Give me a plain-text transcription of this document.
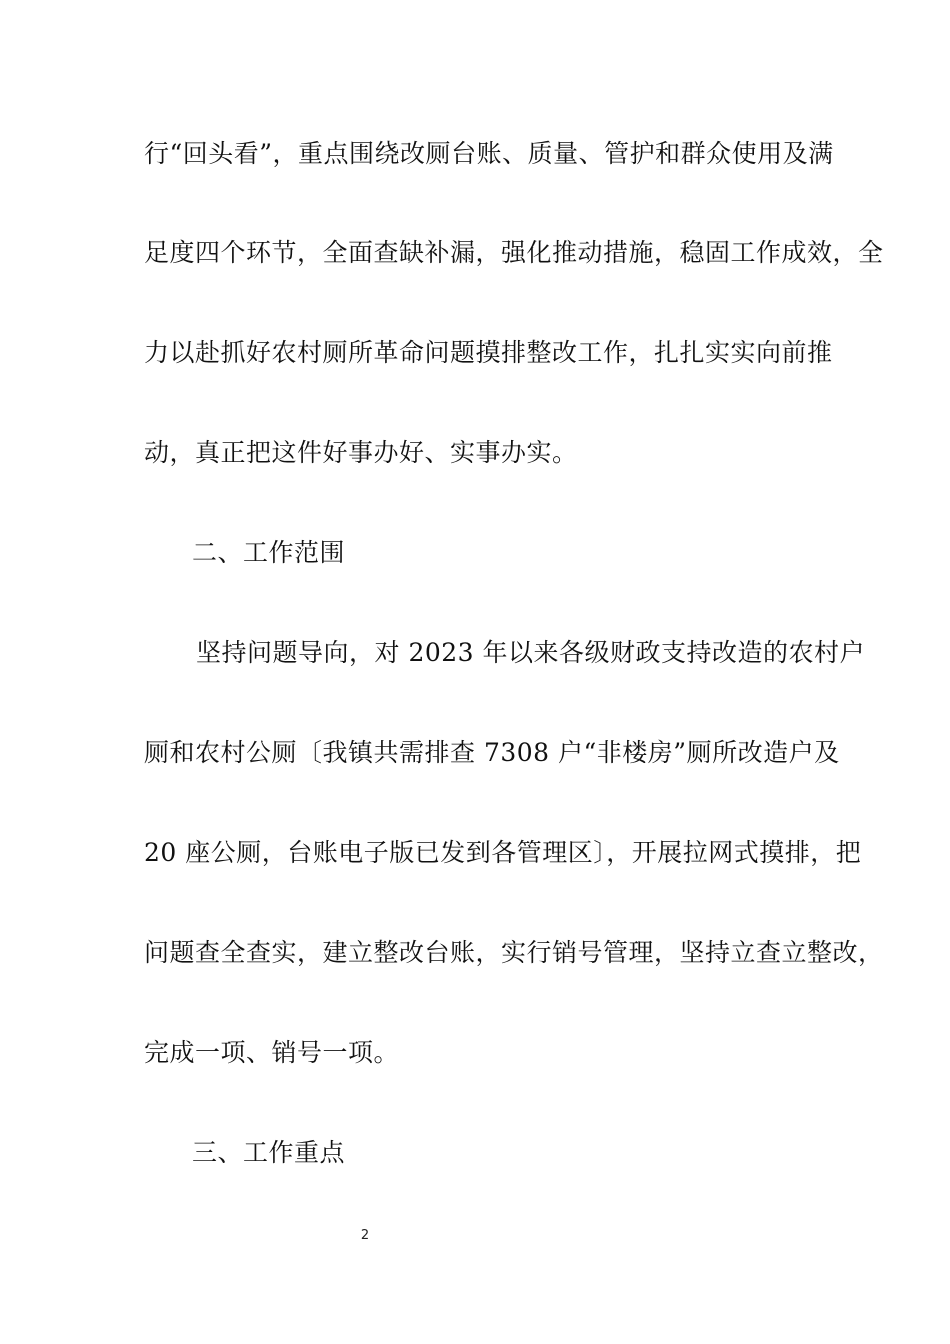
行“回头看”，重点围绕改厕台账、质量、管护和群众使用及满
足度四个环节，全面查缺补漏，强化推动措施，稳固工作成效，全
力以赴抓好农村厕所革命问题摸排整改工作，扎扎实实向前推
动，真正把这件好事办好、实事办实。
二、工作范围
坚持问题导向，对 2023 年以来各级财政支持改造的农村户
厕和农村公厕〔我镇共需排查 7308 户“非楼房”厕所改造户及
20 座公厕，台账电子版已发到各管理区〕，开展拉网式摸排，把
问题查全查实，建立整改台账，实行销号管理，坚持立查立整改，
完成一项、销号一项。
三、工作重点
2
